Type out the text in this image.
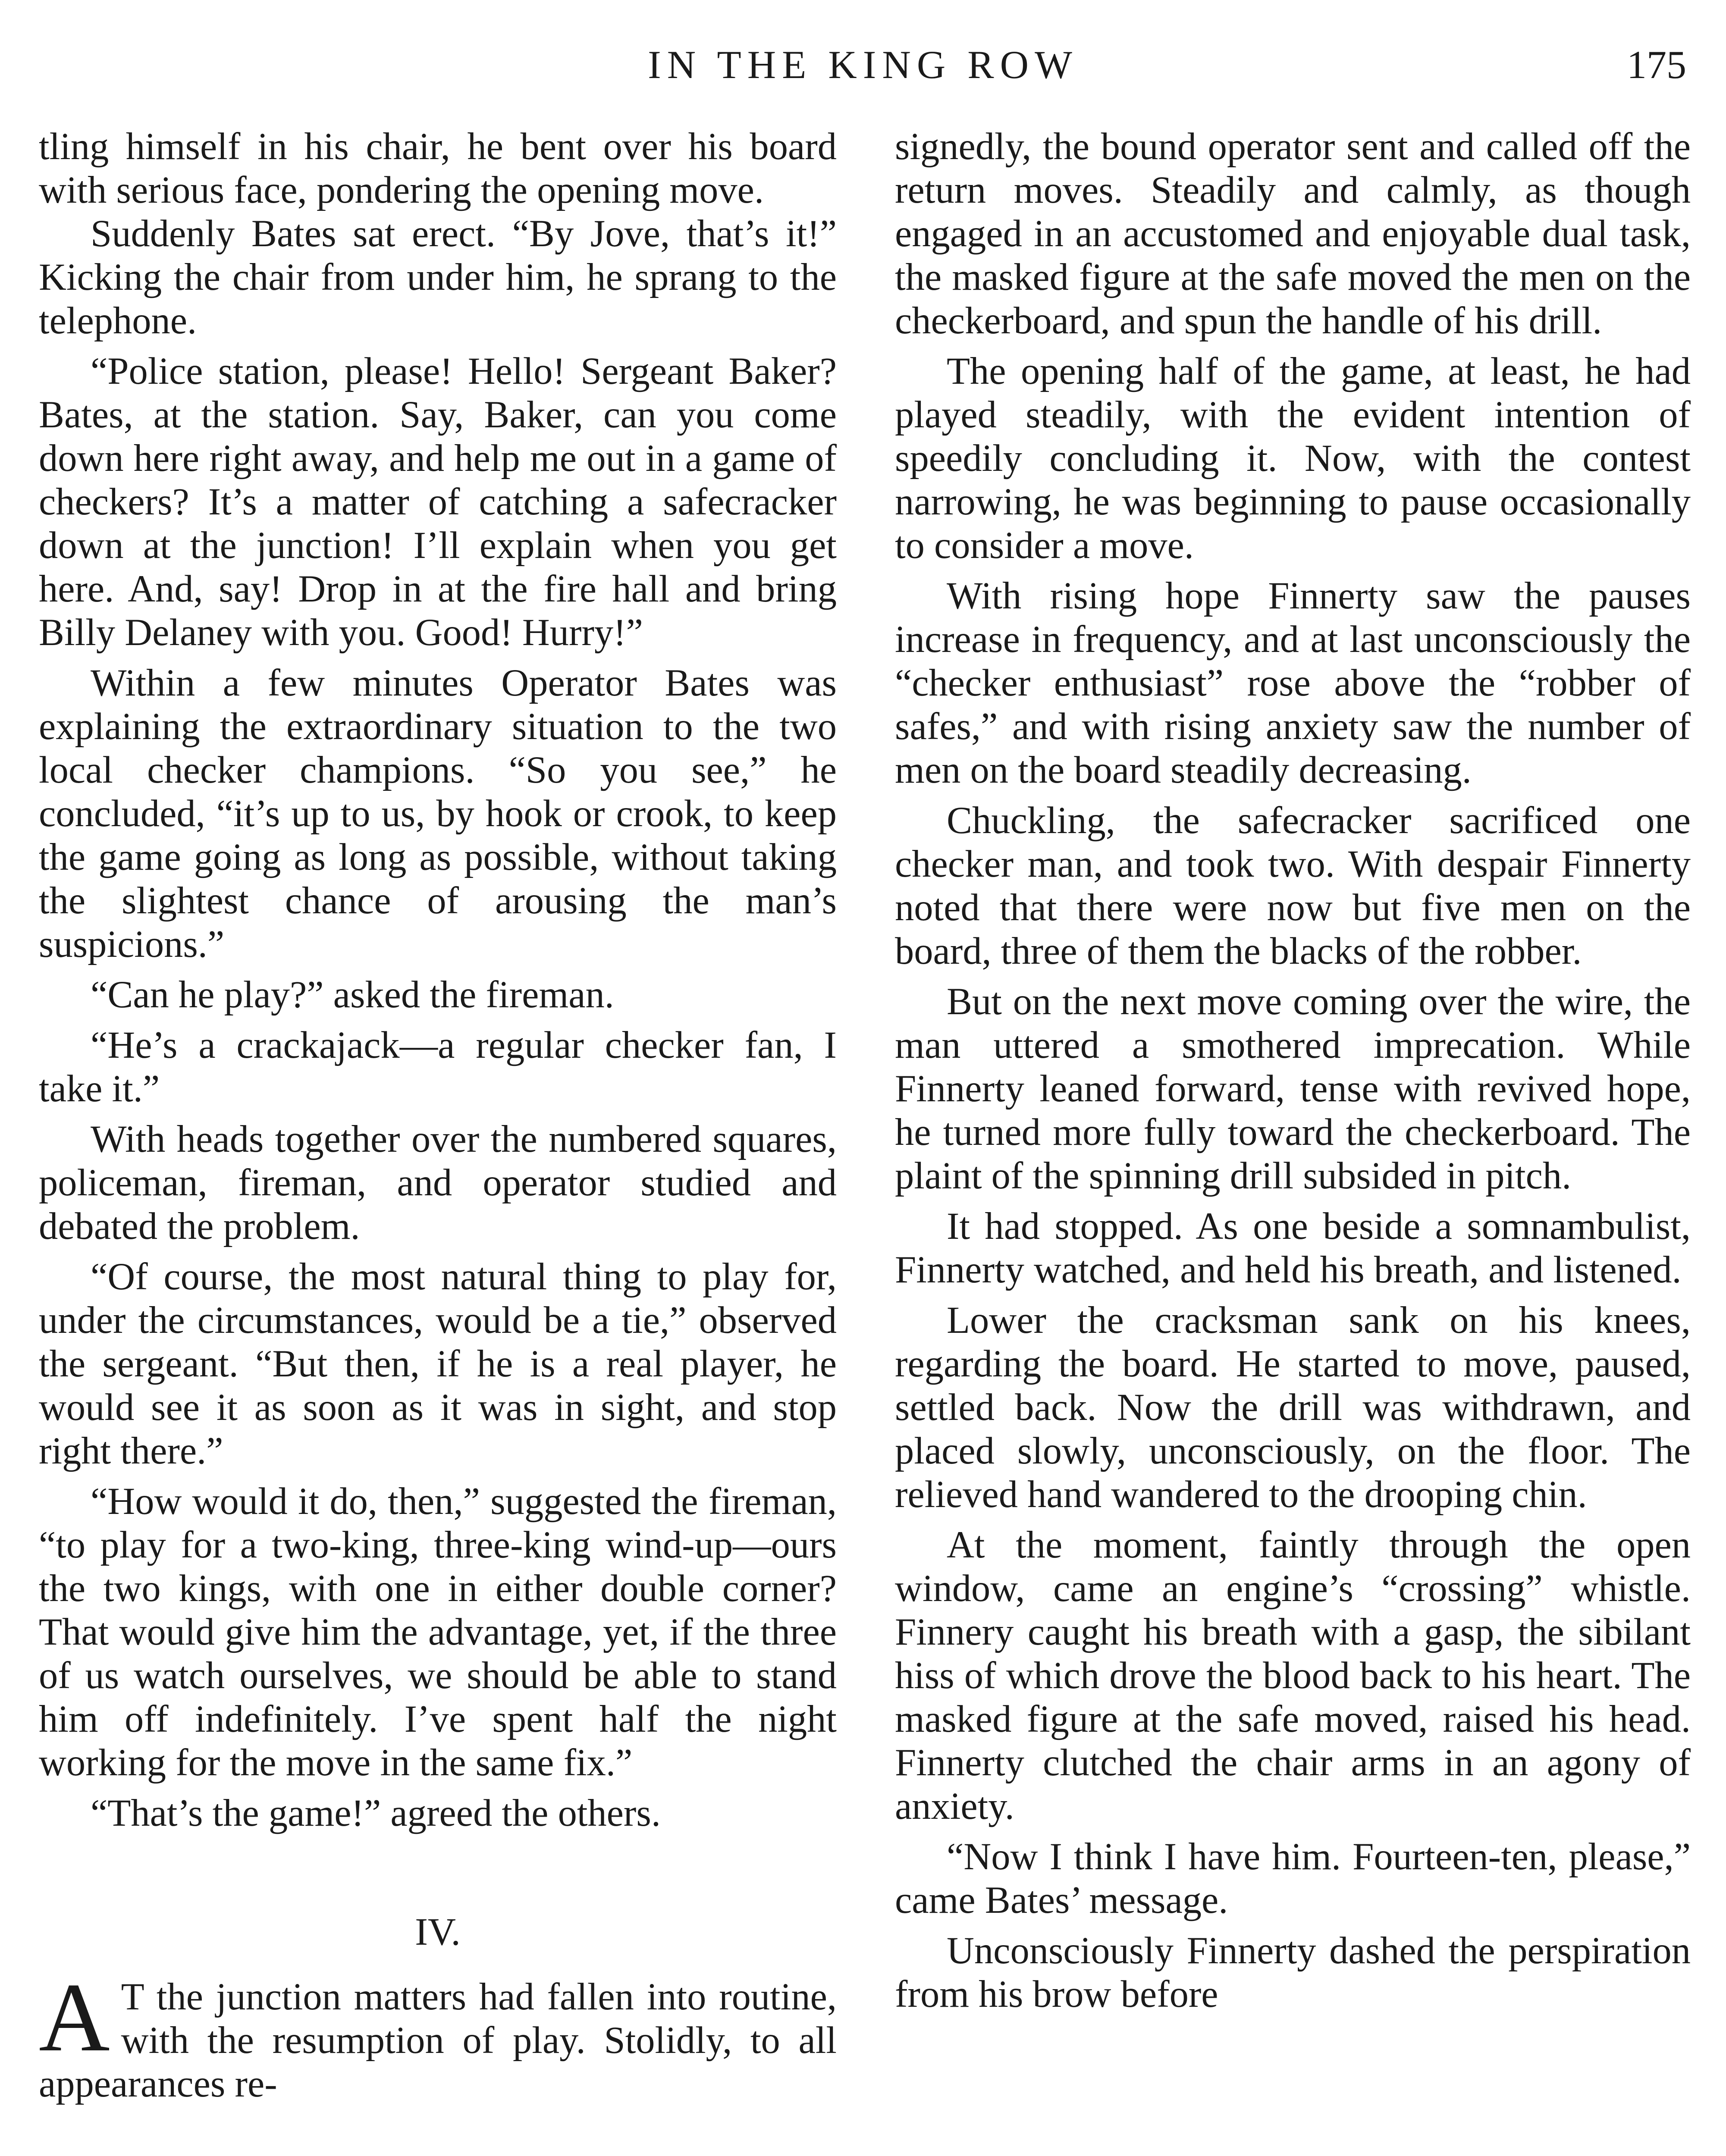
IN THE KING ROW	175

tling himself in his chair, he bent over his board with serious face, pondering the opening move.

Suddenly Bates sat erect. “By Jove, that’s it!” Kicking the chair from under him, he sprang to the telephone.

“Police station, please! Hello! Sergeant Baker? Bates, at the station. Say, Baker, can you come down here right away, and help me out in a game of checkers? It’s a matter of catching a safecracker down at the junction! I’ll explain when you get here. And, say! Drop in at the fire hall and bring Billy Delaney with you. Good! Hurry!”

Within a few minutes Operator Bates was explaining the extraordinary situation to the two local checker champions. “So you see,” he concluded, “it’s up to us, by hook or crook, to keep the game going as long as possible, without taking the slightest chance of arousing the man’s suspicions.”

“Can he play?” asked the fireman.

“He’s a crackajack—a regular checker fan, I take it.”

With heads together over the numbered squares, policeman, fireman, and operator studied and debated the problem.

“Of course, the most natural thing to play for, under the circumstances, would be a tie,” observed the sergeant. “But then, if he is a real player, he would see it as soon as it was in sight, and stop right there.”

“How would it do, then,” suggested the fireman, “to play for a two-king, three-king wind-up—ours the two kings, with one in either double corner? That would give him the advantage, yet, if the three of us watch ourselves, we should be able to stand him off indefinitely. I’ve spent half the night working for the move in the same fix.”

“That’s the game!” agreed the others.

IV.

A T the junction matters had fallen into routine, with the resumption of play. Stolidly, to all appearances re-

signedly, the bound operator sent and called off the return moves. Steadily and calmly, as though engaged in an accustomed and enjoyable dual task, the masked figure at the safe moved the men on the checkerboard, and spun the handle of his drill.

The opening half of the game, at least, he had played steadily, with the evident intention of speedily concluding it. Now, with the contest narrowing, he was beginning to pause occasionally to consider a move.

With rising hope Finnerty saw the pauses increase in frequency, and at last unconsciously the “checker enthusiast” rose above the “robber of safes,” and with rising anxiety saw the number of men on the board steadily decreasing.

Chuckling, the safecracker sacrificed one checker man, and took two. With despair Finnerty noted that there were now but five men on the board, three of them the blacks of the robber.

But on the next move coming over the wire, the man uttered a smothered imprecation. While Finnerty leaned forward, tense with revived hope, he turned more fully toward the checkerboard. The plaint of the spinning drill subsided in pitch.

It had stopped. As one beside a somnambulist, Finnerty watched, and held his breath, and listened.

Lower the cracksman sank on his knees, regarding the board. He started to move, paused, settled back. Now the drill was withdrawn, and placed slowly, unconsciously, on the floor. The relieved hand wandered to the drooping chin.

At the moment, faintly through the open window, came an engine’s “crossing” whistle. Finnery caught his breath with a gasp, the sibilant hiss of which drove the blood back to his heart. The masked figure at the safe moved, raised his head. Finnerty clutched the chair arms in an agony of anxiety.

“Now I think I have him. Fourteen-ten, please,” came Bates’ message.

Unconsciously Finnerty dashed the perspiration from his brow before
